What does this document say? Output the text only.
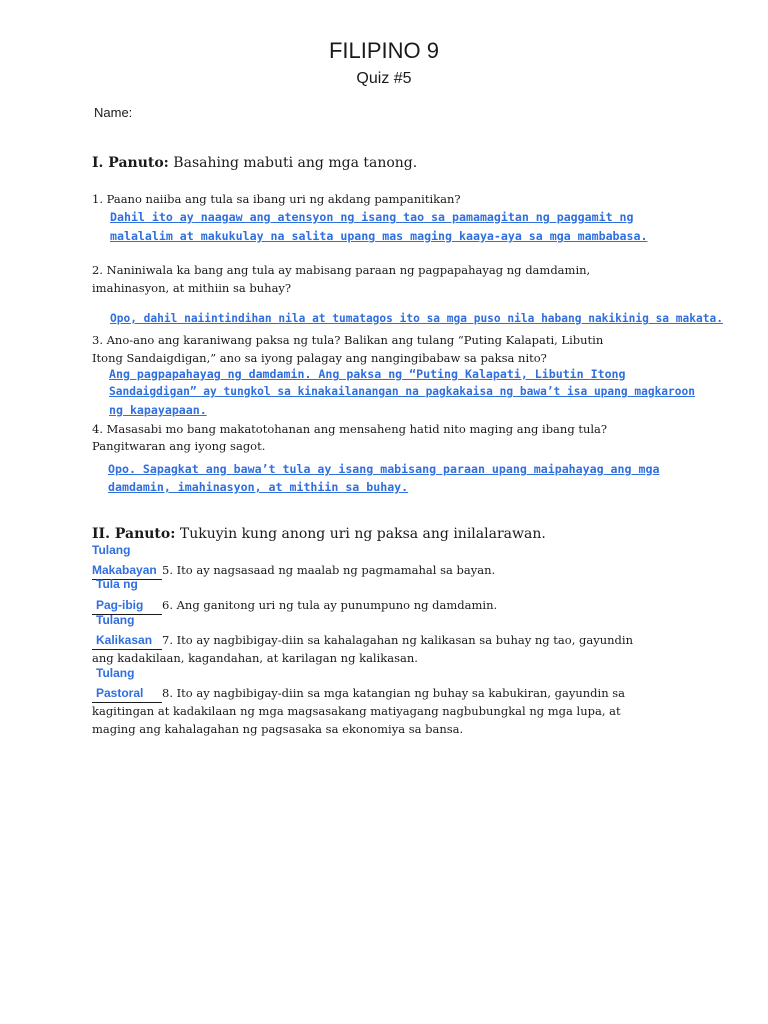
FILIPINO 9
Quiz #5
Name:
I. Panuto: Basahing mabuti ang mga tanong.
1. Paano naiiba ang tula sa ibang uri ng akdang pampanitikan?
Dahil ito ay naagaw ang atensyon ng isang tao sa pamamagitan ng paggamit ng
malalalim at makukulay na salita upang mas maging kaaya-aya sa mga mambabasa.
2. Naniniwala ka bang ang tula ay mabisang paraan ng pagpapahayag ng damdamin,
imahinasyon, at mithiin sa buhay?
Opo, dahil naiintindihan nila at tumatagos ito sa mga puso nila habang nakikinig sa makata.
3. Ano-ano ang karaniwang paksa ng tula? Balikan ang tulang “Puting Kalapati, Libutin
Itong Sandaigdigan,” ano sa iyong palagay ang nangingibabaw sa paksa nito?
Ang pagpapahayag ng damdamin. Ang paksa ng “Puting Kalapati, Libutin Itong
Sandaigdigan” ay tungkol sa kinakailanangan na pagkakaisa ng bawa’t isa upang magkaroon
ng kapayapaan.
4. Masasabi mo bang makatotohanan ang mensaheng hatid nito maging ang ibang tula?
Pangitwaran ang iyong sagot.
Opo. Sapagkat ang bawa’t tula ay isang mabisang paraan upang maipahayag ang mga
damdamin, imahinasyon, at mithiin sa buhay.
II. Panuto: Tukuyin kung anong uri ng paksa ang inilalarawan.
Tulang
Makabayan 5. Ito ay nagsasaad ng maalab ng pagmamahal sa bayan.
Tula ng
Pag-ibig 6. Ang ganitong uri ng tula ay punumpuno ng damdamin.
Tulang
Kalikasan 7. Ito ay nagbibigay-diin sa kahalagahan ng kalikasan sa buhay ng tao, gayundin
ang kadakilaan, kagandahan, at karilagan ng kalikasan.
Tulang
Pastoral 8. Ito ay nagbibigay-diin sa mga katangian ng buhay sa kabukiran, gayundin sa
kagitingan at kadakilaan ng mga magsasakang matiyagang nagbubungkal ng mga lupa, at
maging ang kahalagahan ng pagsasaka sa ekonomiya sa bansa.
